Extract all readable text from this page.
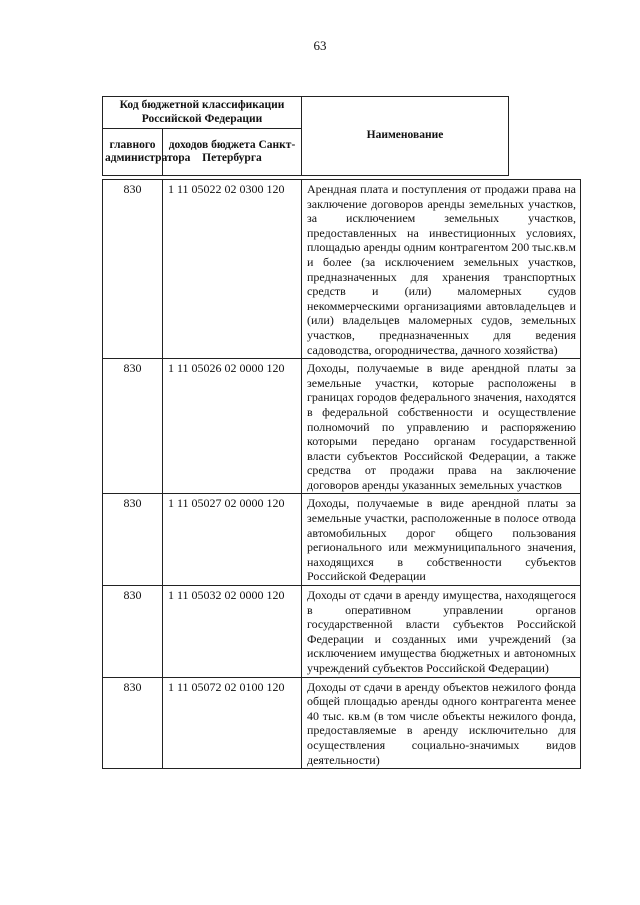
63
Код бюджетной классификации Российской Федерации		Наименование
главного администратора	доходов бюджета Санкт-Петербурга	
830	1 11 05022 02 0300 120	Арендная плата и поступления от продажи права на заключение договоров аренды земельных участков, за исключением земельных участков, предоставленных на инвестиционных условиях, площадью аренды одним контрагентом 200 тыс.кв.м и более (за исключением земельных участков, предназначенных для хранения транспортных средств и (или) маломерных судов некоммерческими организациями автовладельцев и (или) владельцев маломерных судов, земельных участков, предназначенных для ведения садоводства, огородничества, дачного хозяйства)
830	1 11 05026 02 0000 120	Доходы, получаемые в виде арендной платы за земельные участки, которые расположены в границах городов федерального значения, находятся в федеральной собственности и осуществление полномочий по управлению и распоряжению которыми передано органам государственной власти субъектов Российской Федерации, а также средства от продажи права на заключение договоров аренды указанных земельных участков
830	1 11 05027 02 0000 120	Доходы, получаемые в виде арендной платы за земельные участки, расположенные в полосе отвода автомобильных дорог общего пользования регионального или межмуниципального значения, находящихся в собственности субъектов Российской Федерации
830	1 11 05032 02 0000 120	Доходы от сдачи в аренду имущества, находящегося в оперативном управлении органов государственной власти субъектов Российской Федерации и созданных ими учреждений (за исключением имущества бюджетных и автономных учреждений субъектов Российской Федерации)
830	1 11 05072 02 0100 120	Доходы от сдачи в аренду объектов нежилого фонда общей площадью аренды одного контрагента менее 40 тыс. кв.м (в том числе объекты нежилого фонда, предоставляемые в аренду исключительно для осуществления социально-значимых видов деятельности)
